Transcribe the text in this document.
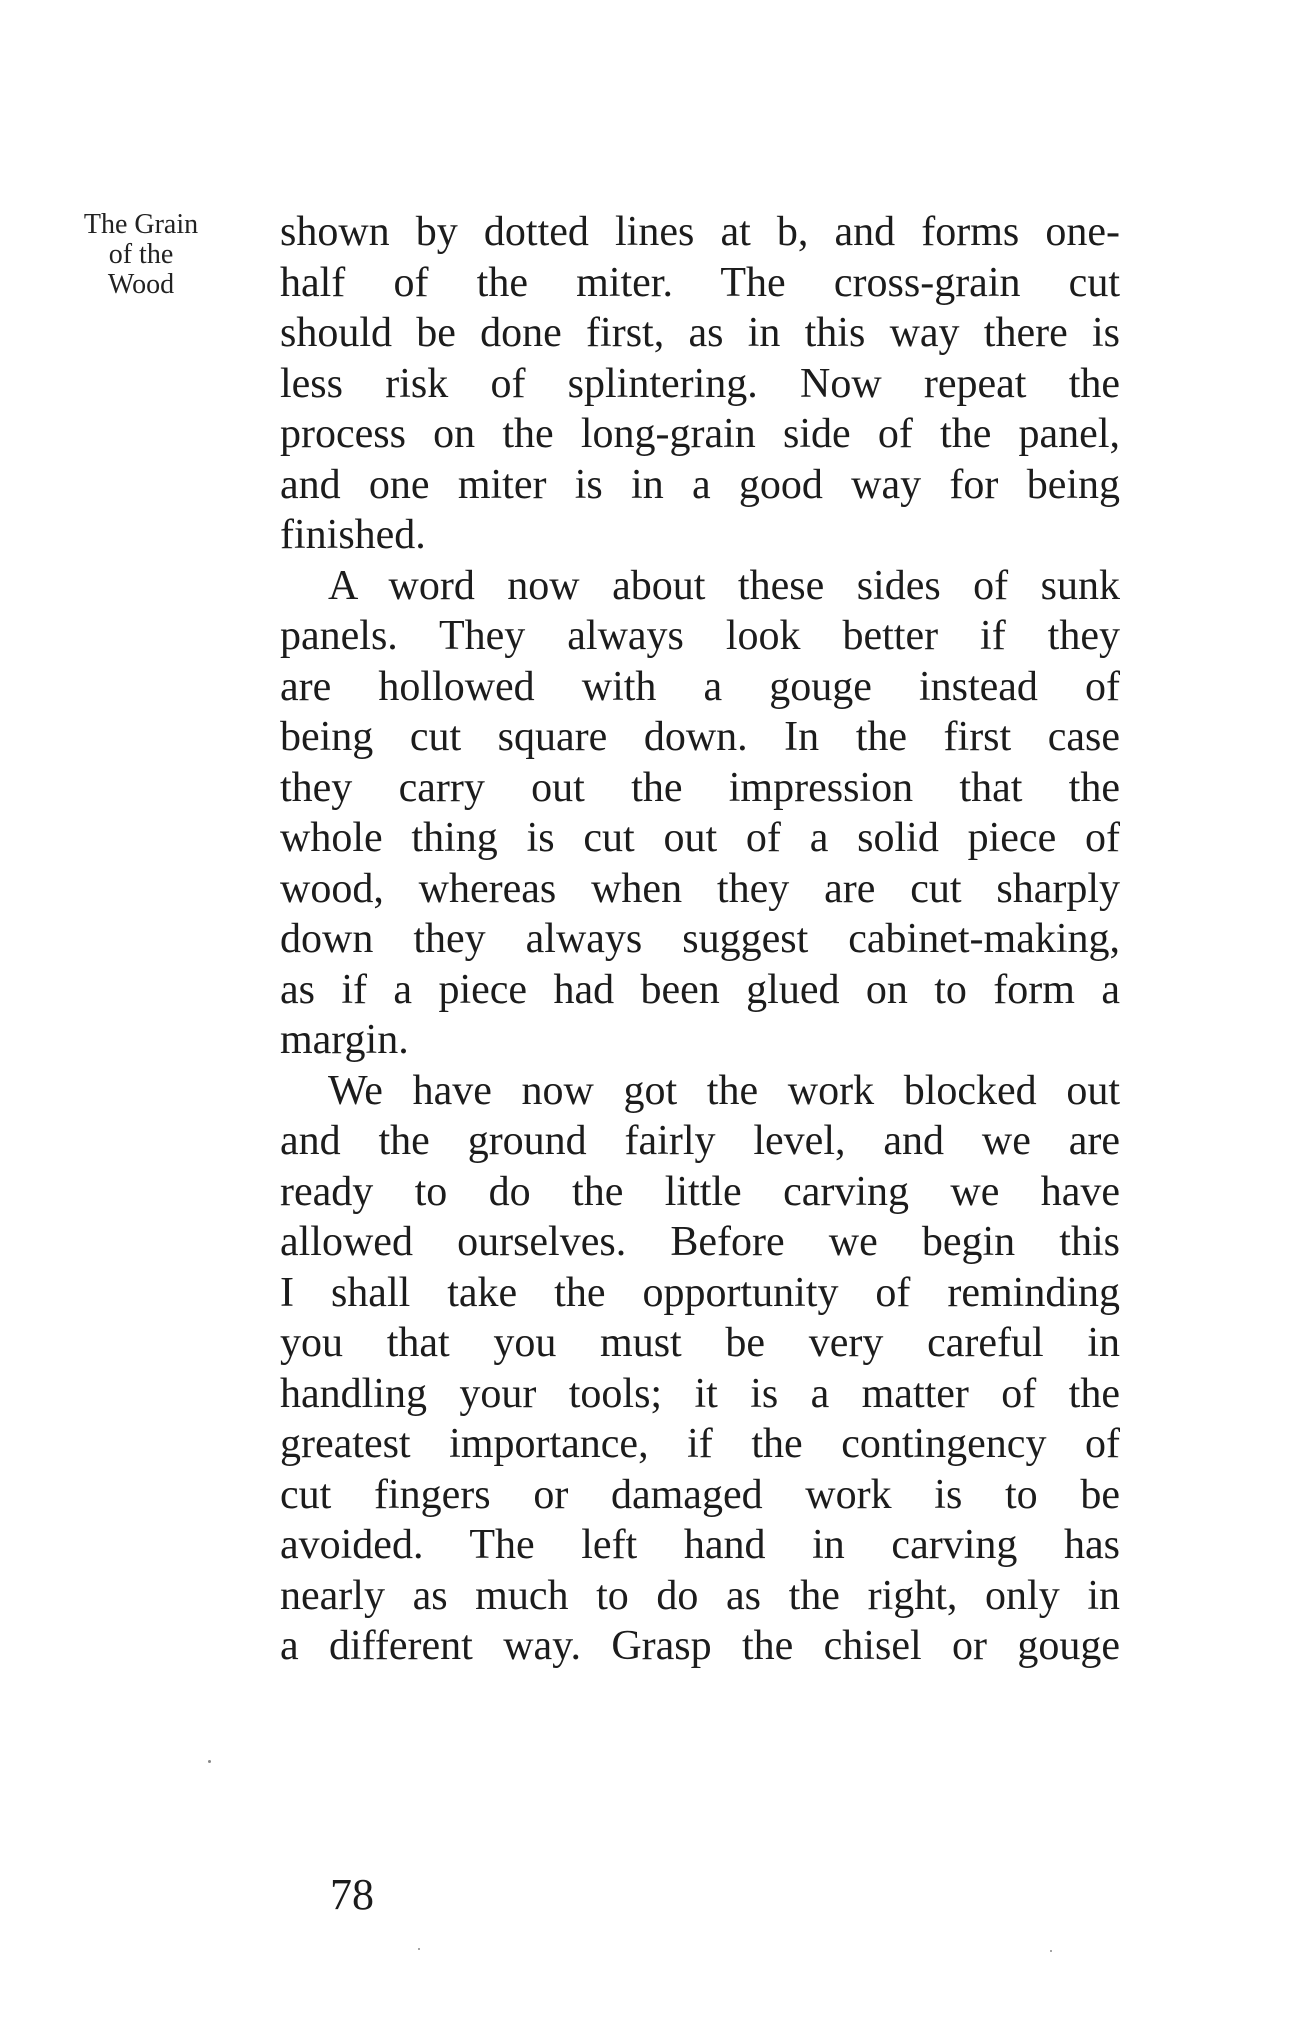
The Grain
of the
Wood

shown by dotted lines at b, and forms one-
half of the miter. The cross-grain cut
should be done first, as in this way there is
less risk of splintering. Now repeat the
process on the long-grain side of the panel,
and one miter is in a good way for being
finished.

A word now about these sides of sunk
panels. They always look better if they
are hollowed with a gouge instead of
being cut square down. In the first case
they carry out the impression that the
whole thing is cut out of a solid piece of
wood, whereas when they are cut sharply
down they always suggest cabinet-making,
as if a piece had been glued on to form a
margin.

We have now got the work blocked out
and the ground fairly level, and we are
ready to do the little carving we have
allowed ourselves. Before we begin this
I shall take the opportunity of reminding
you that you must be very careful in
handling your tools; it is a matter of the
greatest importance, if the contingency of
cut fingers or damaged work is to be
avoided. The left hand in carving has
nearly as much to do as the right, only in
a different way. Grasp the chisel or gouge

78
